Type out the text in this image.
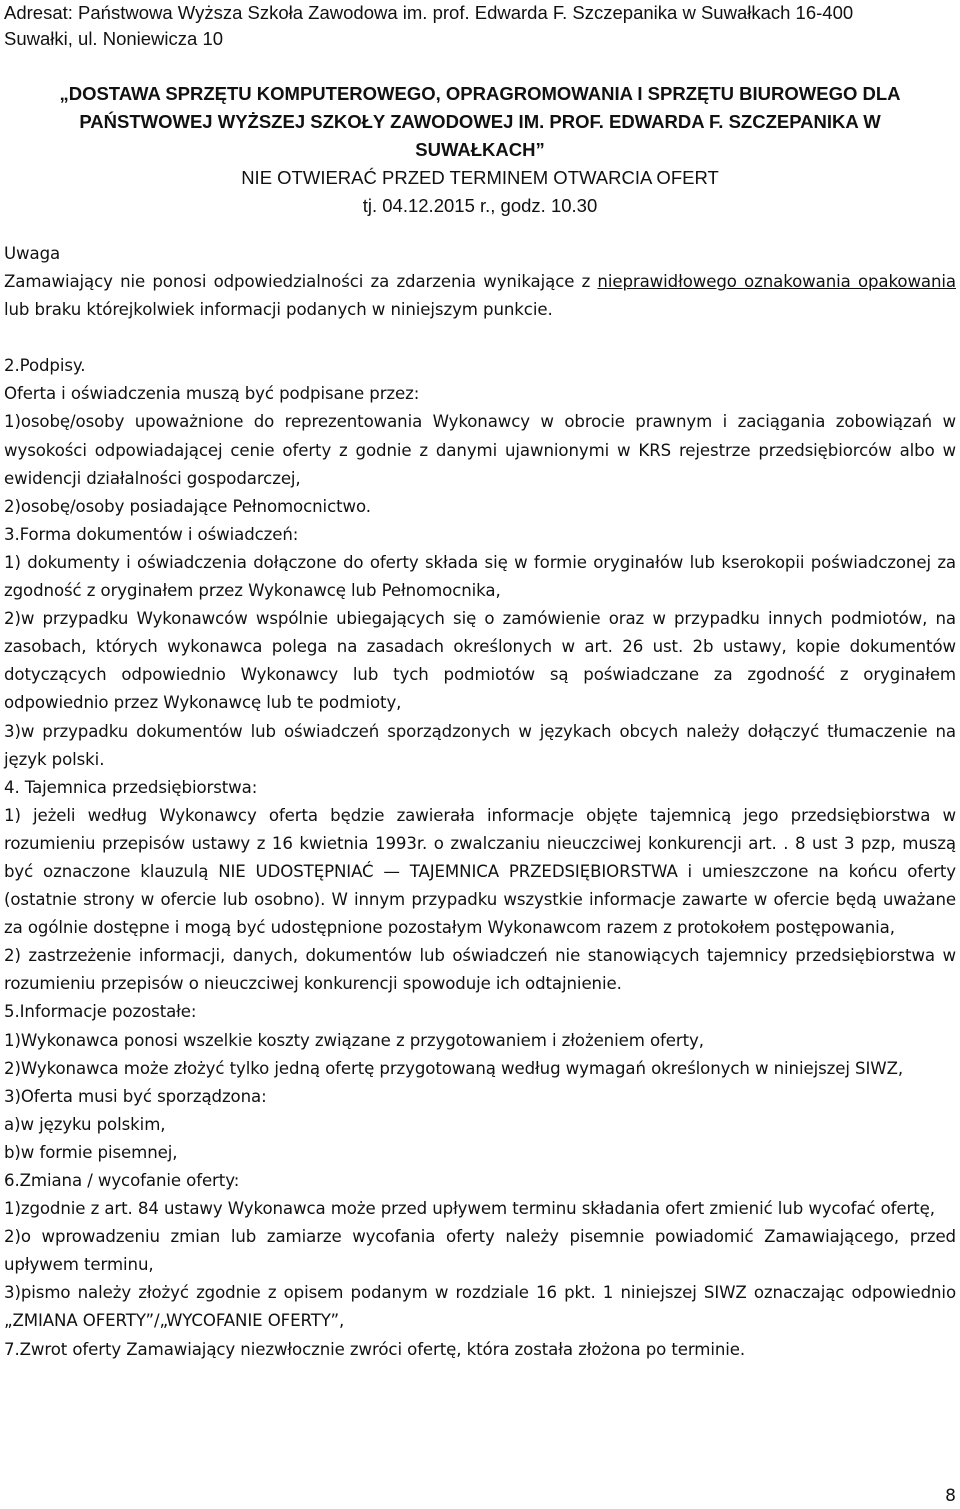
Adresat: Państwowa Wyższa Szkoła Zawodowa im. prof. Edwarda F. Szczepanika w Suwałkach 16-400
Suwałki, ul. Noniewicza 10
„DOSTAWA SPRZĘTU KOMPUTEROWEGO, OPRAGROMOWANIA I SPRZĘTU BIUROWEGO DLA
PAŃSTWOWEJ WYŻSZEJ SZKOŁY ZAWODOWEJ IM. PROF. EDWARDA F. SZCZEPANIKA W
SUWAŁKACH”
NIE OTWIERAĆ PRZED TERMINEM OTWARCIA OFERT
tj. 04.12.2015 r., godz. 10.30

Uwaga

Zamawiający nie ponosi odpowiedzialności za zdarzenia wynikające z nieprawidłowego oznakowania opakowania lub braku którejkolwiek informacji podanych w niniejszym punkcie.

2.Podpisy.

Oferta i oświadczenia muszą być podpisane przez:

1)osobę/osoby upoważnione do reprezentowania Wykonawcy w obrocie prawnym i zaciągania zobowiązań w wysokości odpowiadającej cenie oferty z godnie z danymi ujawnionymi w KRS rejestrze przedsiębiorców albo w ewidencji działalności gospodarczej,

2)osobę/osoby posiadające Pełnomocnictwo.

3.Forma dokumentów i oświadczeń:

1) dokumenty i oświadczenia dołączone do oferty składa się w formie oryginałów lub kserokopii poświadczonej za zgodność z oryginałem przez Wykonawcę lub Pełnomocnika,

2)w przypadku Wykonawców wspólnie ubiegających się o zamówienie oraz w przypadku innych podmiotów, na zasobach, których wykonawca polega na zasadach określonych w art. 26 ust. 2b ustawy, kopie dokumentów dotyczących odpowiednio Wykonawcy lub tych podmiotów są poświadczane za zgodność z oryginałem odpowiednio przez Wykonawcę lub te podmioty,

3)w przypadku dokumentów lub oświadczeń sporządzonych w językach obcych należy dołączyć tłumaczenie na język polski.

4. Tajemnica przedsiębiorstwa:

1) jeżeli według Wykonawcy oferta będzie zawierała informacje objęte tajemnicą jego przedsiębiorstwa w rozumieniu przepisów ustawy z 16 kwietnia 1993r. o zwalczaniu nieuczciwej konkurencji art. . 8 ust 3 pzp, muszą być oznaczone klauzulą NIE UDOSTĘPNIAĆ — TAJEMNICA PRZEDSIĘBIORSTWA i umieszczone na końcu oferty (ostatnie strony w ofercie lub osobno). W innym przypadku wszystkie informacje zawarte w ofercie będą uważane za ogólnie dostępne i mogą być udostępnione pozostałym Wykonawcom razem z protokołem postępowania,

2) zastrzeżenie informacji, danych, dokumentów lub oświadczeń nie stanowiących tajemnicy przedsiębiorstwa w rozumieniu przepisów o nieuczciwej konkurencji spowoduje ich odtajnienie.

5.Informacje pozostałe:

1)Wykonawca ponosi wszelkie koszty związane z przygotowaniem i złożeniem oferty,

2)Wykonawca może złożyć tylko jedną ofertę przygotowaną według wymagań określonych w niniejszej SIWZ,

3)Oferta musi być sporządzona:

a)w języku polskim,

b)w formie pisemnej,

6.Zmiana / wycofanie oferty:

1)zgodnie z art. 84 ustawy Wykonawca może przed upływem terminu składania ofert zmienić lub wycofać ofertę,

2)o wprowadzeniu zmian lub zamiarze wycofania oferty należy pisemnie powiadomić Zamawiającego, przed upływem terminu,

3)pismo należy złożyć zgodnie z opisem podanym w rozdziale 16 pkt. 1 niniejszej SIWZ oznaczając odpowiednio „ZMIANA OFERTY”/„WYCOFANIE OFERTY”,

7.Zwrot oferty Zamawiający niezwłocznie zwróci ofertę, która została złożona po terminie.

8
